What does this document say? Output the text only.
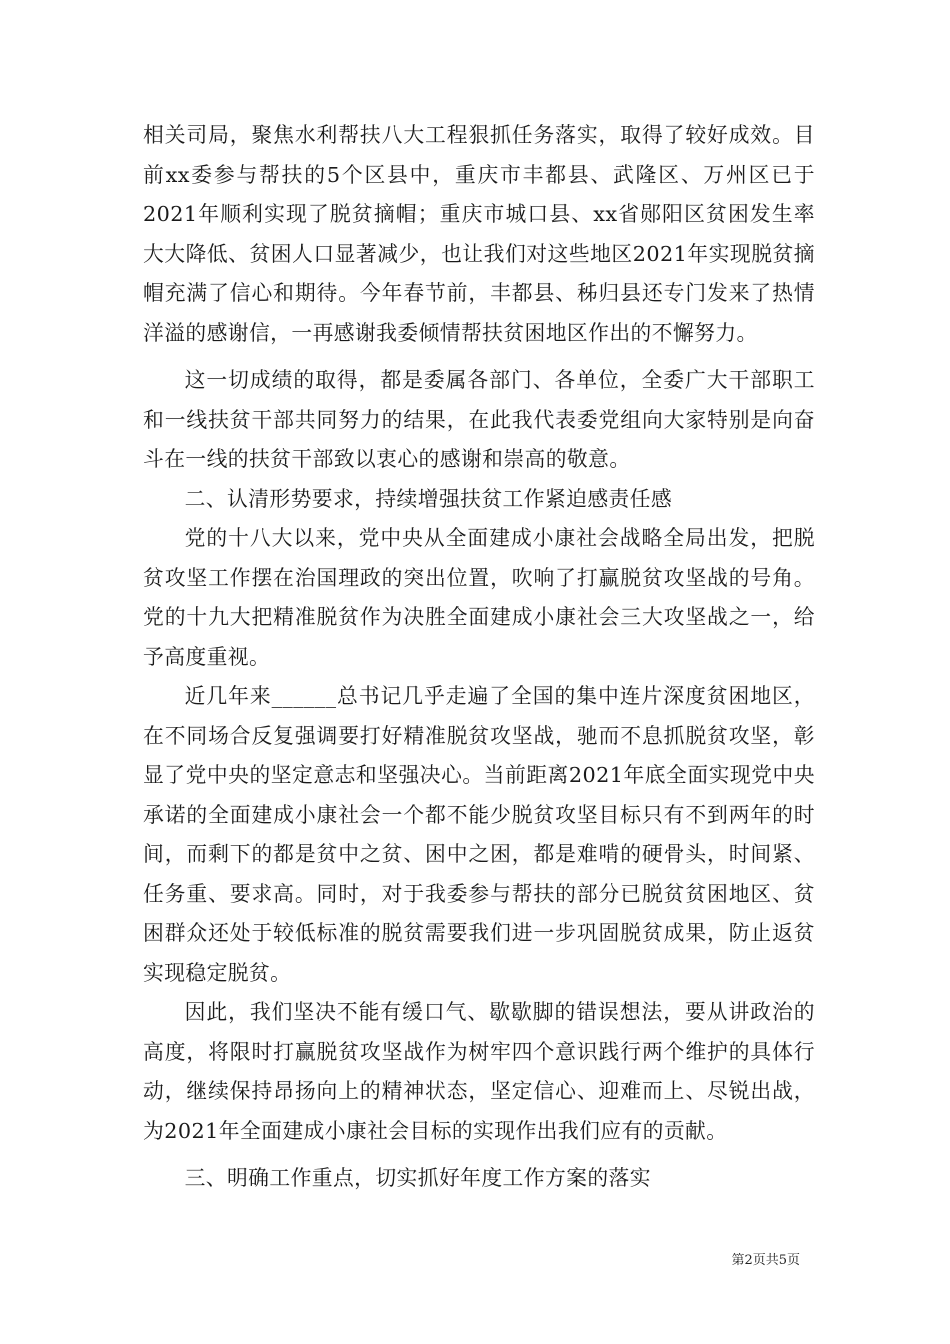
相关司局，聚焦水利帮扶八大工程狠抓任务落实，取得了较好成效。目前xx委参与帮扶的5个区县中，重庆市丰都县、武隆区、万州区已于2021年顺利实现了脱贫摘帽；重庆市城口县、xx省郧阳区贫困发生率大大降低、贫困人口显著减少，也让我们对这些地区2021年实现脱贫摘帽充满了信心和期待。今年春节前，丰都县、秭归县还专门发来了热情洋溢的感谢信，一再感谢我委倾情帮扶贫困地区作出的不懈努力。

这一切成绩的取得，都是委属各部门、各单位，全委广大干部职工和一线扶贫干部共同努力的结果，在此我代表委党组向大家特别是向奋斗在一线的扶贫干部致以衷心的感谢和崇高的敬意。

二、认清形势要求，持续增强扶贫工作紧迫感责任感

党的十八大以来，党中央从全面建成小康社会战略全局出发，把脱贫攻坚工作摆在治国理政的突出位置，吹响了打赢脱贫攻坚战的号角。党的十九大把精准脱贫作为决胜全面建成小康社会三大攻坚战之一，给予高度重视。

近几年来______总书记几乎走遍了全国的集中连片深度贫困地区，在不同场合反复强调要打好精准脱贫攻坚战，驰而不息抓脱贫攻坚，彰显了党中央的坚定意志和坚强决心。当前距离2021年底全面实现党中央承诺的全面建成小康社会一个都不能少脱贫攻坚目标只有不到两年的时间，而剩下的都是贫中之贫、困中之困，都是难啃的硬骨头，时间紧、任务重、要求高。同时，对于我委参与帮扶的部分已脱贫贫困地区、贫困群众还处于较低标准的脱贫需要我们进一步巩固脱贫成果，防止返贫实现稳定脱贫。

因此，我们坚决不能有缓口气、歇歇脚的错误想法，要从讲政治的高度，将限时打赢脱贫攻坚战作为树牢四个意识践行两个维护的具体行动，继续保持昂扬向上的精神状态，坚定信心、迎难而上、尽锐出战，为2021年全面建成小康社会目标的实现作出我们应有的贡献。

三、明确工作重点，切实抓好年度工作方案的落实

第2页共5页
